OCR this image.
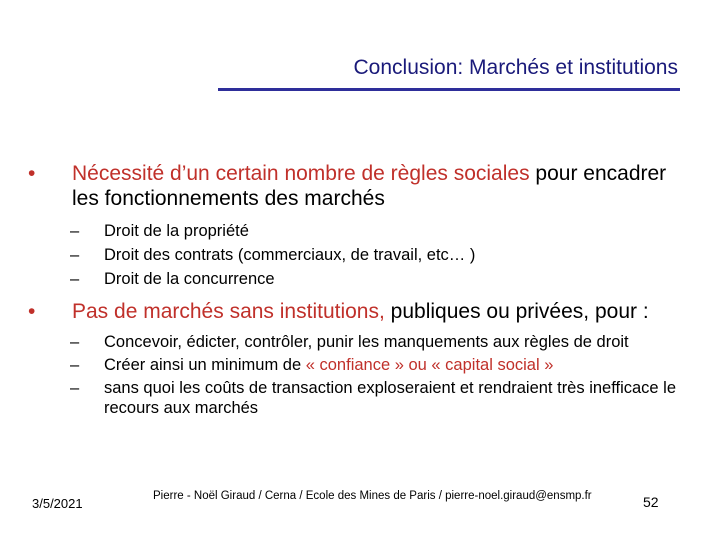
Conclusion: Marchés et institutions
• Nécessité d’un certain nombre de règles sociales pour encadrer les fonctionnements des marchés
– Droit de la propriété
– Droit des contrats (commerciaux, de travail, etc… )
– Droit de la concurrence
• Pas de marchés sans institutions, publiques ou privées, pour :
– Concevoir, édicter, contrôler, punir les manquements aux règles de droit
– Créer ainsi un minimum de « confiance » ou « capital social »
– sans quoi les coûts de transaction exploseraient et rendraient très inefficace le recours aux marchés
3/5/2021	Pierre - Noël Giraud / Cerna / Ecole des Mines de Paris / pierre-noel.giraud@ensmp.fr	52
